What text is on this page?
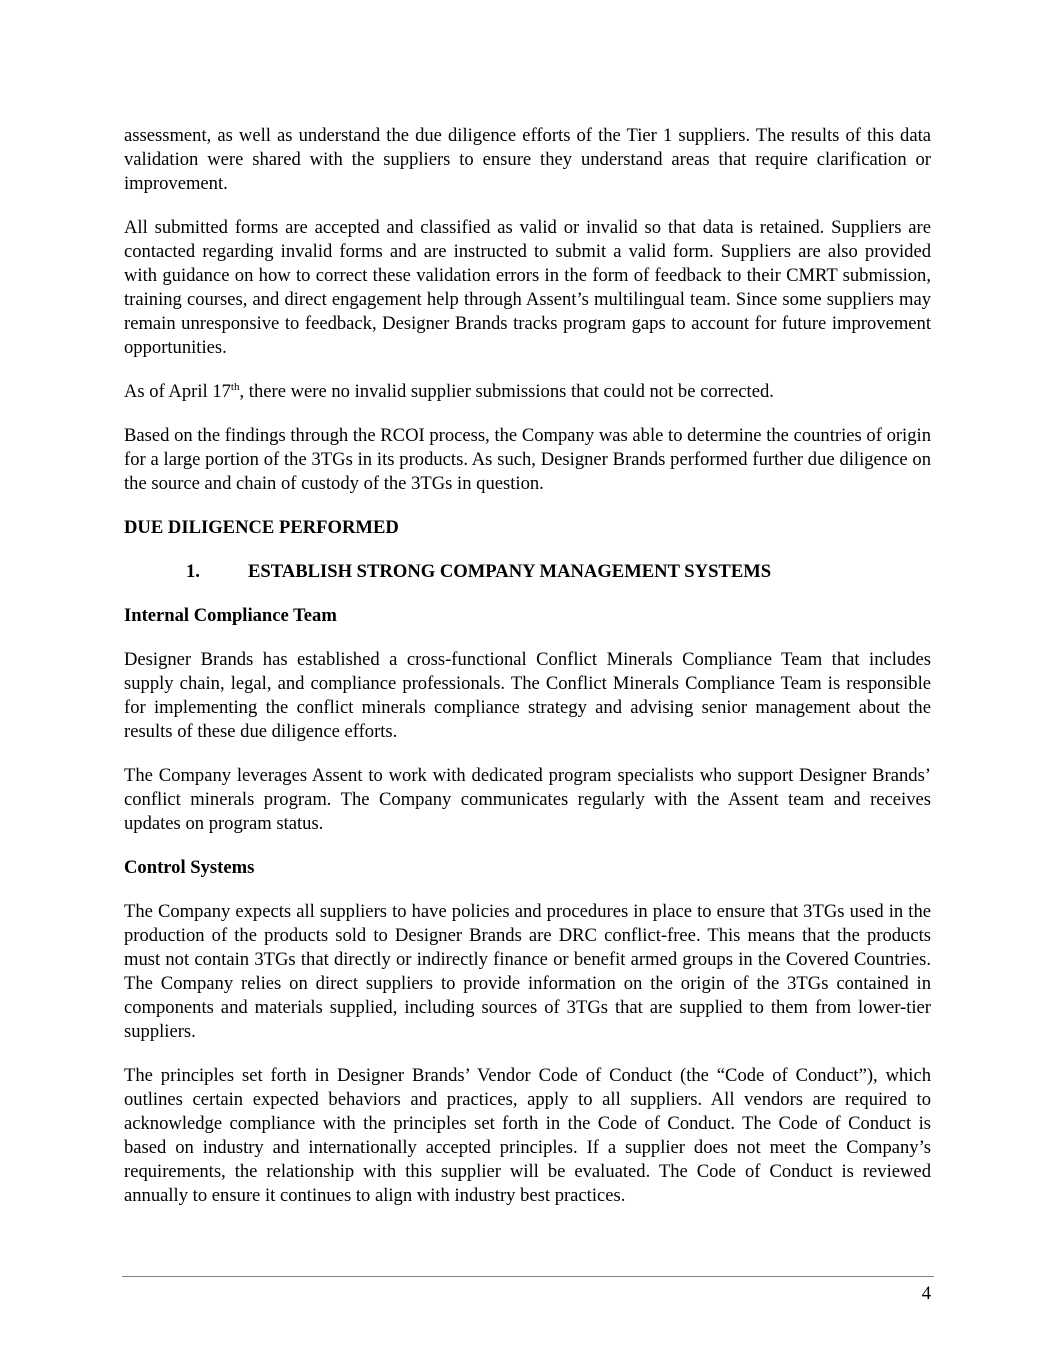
assessment, as well as understand the due diligence efforts of the Tier 1 suppliers. The results of this data validation were shared with the suppliers to ensure they understand areas that require clarification or improvement.

All submitted forms are accepted and classified as valid or invalid so that data is retained. Suppliers are contacted regarding invalid forms and are instructed to submit a valid form. Suppliers are also provided with guidance on how to correct these validation errors in the form of feedback to their CMRT submission, training courses, and direct engagement help through Assent’s multilingual team. Since some suppliers may remain unresponsive to feedback, Designer Brands tracks program gaps to account for future improvement opportunities.

As of April 17th, there were no invalid supplier submissions that could not be corrected.

Based on the findings through the RCOI process, the Company was able to determine the countries of origin for a large portion of the 3TGs in its products. As such, Designer Brands performed further due diligence on the source and chain of custody of the 3TGs in question.

DUE DILIGENCE PERFORMED

1.	ESTABLISH STRONG COMPANY MANAGEMENT SYSTEMS

Internal Compliance Team

Designer Brands has established a cross-functional Conflict Minerals Compliance Team that includes supply chain, legal, and compliance professionals. The Conflict Minerals Compliance Team is responsible for implementing the conflict minerals compliance strategy and advising senior management about the results of these due diligence efforts.

The Company leverages Assent to work with dedicated program specialists who support Designer Brands’ conflict minerals program. The Company communicates regularly with the Assent team and receives updates on program status.

Control Systems

The Company expects all suppliers to have policies and procedures in place to ensure that 3TGs used in the production of the products sold to Designer Brands are DRC conflict-free. This means that the products must not contain 3TGs that directly or indirectly finance or benefit armed groups in the Covered Countries. The Company relies on direct suppliers to provide information on the origin of the 3TGs contained in components and materials supplied, including sources of 3TGs that are supplied to them from lower-tier suppliers.

The principles set forth in Designer Brands’ Vendor Code of Conduct (the “Code of Conduct”), which outlines certain expected behaviors and practices, apply to all suppliers. All vendors are required to acknowledge compliance with the principles set forth in the Code of Conduct. The Code of Conduct is based on industry and internationally accepted principles. If a supplier does not meet the Company’s requirements, the relationship with this supplier will be evaluated. The Code of Conduct is reviewed annually to ensure it continues to align with industry best practices.

4
